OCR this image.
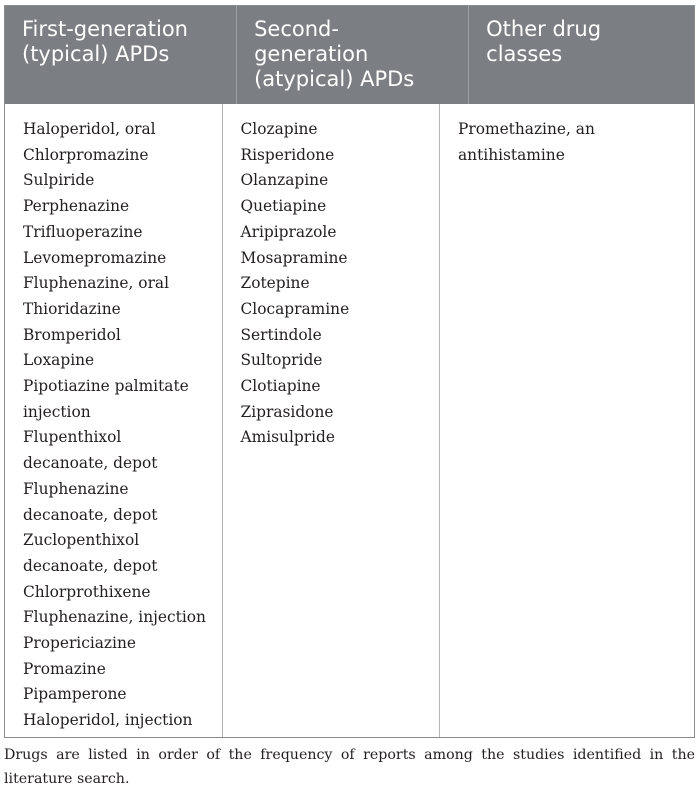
First-generation (typical) APDs
Second-generation (atypical) APDs
Other drug classes
Haloperidol, oral
Chlorpromazine
Sulpiride
Perphenazine
Trifluoperazine
Levomepromazine
Fluphenazine, oral
Thioridazine
Bromperidol
Loxapine
Pipotiazine palmitate injection
Flupenthixol decanoate, depot
Fluphenazine decanoate, depot
Zuclopenthixol decanoate, depot
Chlorprothixene
Fluphenazine, injection
Propericiazine
Promazine
Pipamperone
Haloperidol, injection
Clozapine
Risperidone
Olanzapine
Quetiapine
Aripiprazole
Mosapramine
Zotepine
Clocapramine
Sertindole
Sultopride
Clotiapine
Ziprasidone
Amisulpride
Promethazine, an antihistamine
Drugs are listed in order of the frequency of reports among the studies identified in the literature search.
